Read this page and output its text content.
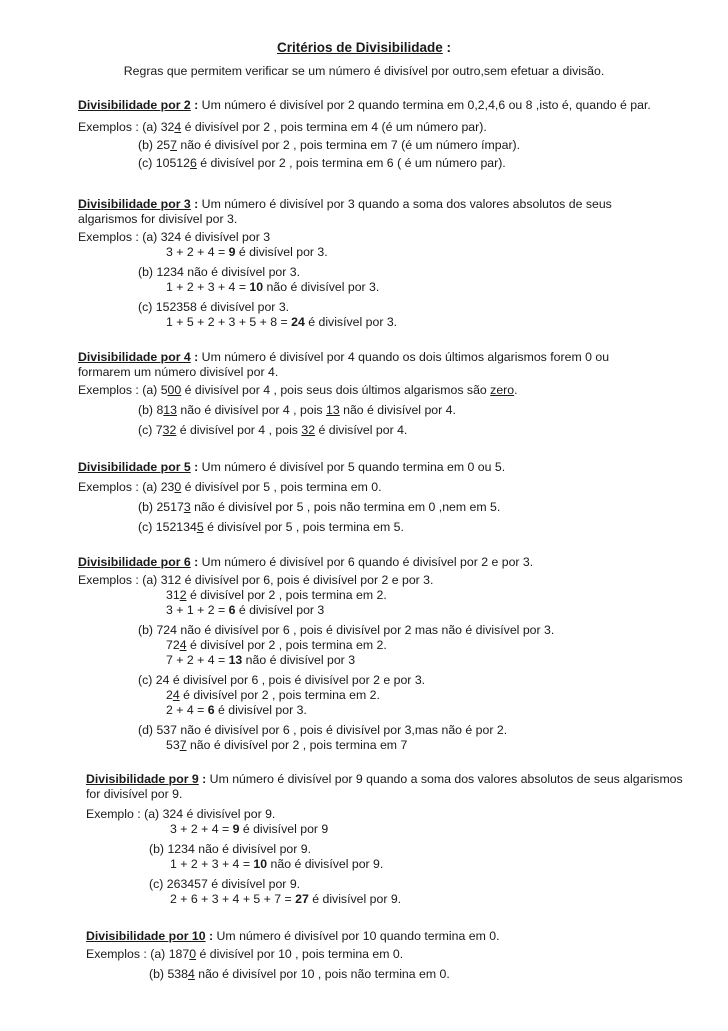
Critérios de Divisibilidade :
Regras que permitem verificar se um número é divisível por outro,sem efetuar a divisão.
Divisibilidade por 2 : Um número é divisível por 2 quando termina em 0,2,4,6 ou 8 ,isto é, quando é par.
Exemplos : (a) 324 é divisível por 2 , pois termina em 4 (é um número par).
(b) 257 não é divisível por 2 , pois termina em 7 (é um número ímpar).
(c) 105126 é divisível por 2 , pois termina em 6 ( é um número par).
Divisibilidade por 3 : Um número é divisível por 3 quando a soma dos valores absolutos de seus algarismos for divisível por 3.
Exemplos : (a) 324 é divisível por 3
3 + 2 + 4 = 9 é divisível por 3.
(b) 1234 não é divisível por 3.
1 + 2 + 3 + 4 = 10 não é divisível por 3.
(c) 152358 é divisível por 3.
1 + 5 + 2 + 3 + 5 + 8 = 24 é divisível por 3.
Divisibilidade por 4 : Um número é divisível por 4 quando os dois últimos algarismos forem 0 ou formarem um número divisível por 4.
Exemplos : (a) 500 é divisível por 4 , pois seus dois últimos algarismos são zero.
(b) 813 não é divisível por 4 , pois 13 não é divisível por 4.
(c) 732 é divisível por 4 , pois 32 é divisível por 4.
Divisibilidade por 5 : Um número é divisível por 5 quando termina em 0 ou 5.
Exemplos : (a) 230 é divisível por 5 , pois termina em 0.
(b) 25173 não é divisível por 5 , pois não termina em 0 ,nem em 5.
(c) 1521345 é divisível por 5 , pois termina em 5.
Divisibilidade por 6 : Um número é divisível por 6 quando é divisível por 2 e por 3.
Exemplos : (a) 312 é divisível por 6, pois é divisível por 2 e por 3.
312 é divisível por 2 , pois termina em 2.
3 + 1 + 2 = 6 é divisível por 3
(b) 724 não é divisível por 6 , pois é divisível por 2 mas não é divisível por 3.
724 é divisível por 2 , pois termina em 2.
7 + 2 + 4 = 13 não é divisível por 3
(c) 24 é divisível por 6 , pois é divisível por 2 e por 3.
24 é divisível por 2 , pois termina em 2.
2 + 4 = 6 é divisível por 3.
(d) 537 não é divisível por 6 , pois é divisível por 3,mas não é por 2.
537 não é divisível por 2 , pois termina em 7
Divisibilidade por 9 : Um número é divisível por 9 quando a soma dos valores absolutos de seus algarismos for divisível por 9.
Exemplo : (a) 324 é divisível por 9.
3 + 2 + 4 = 9 é divisível por 9
(b) 1234 não é divisível por 9.
1 + 2 + 3 + 4 = 10 não é divisível por 9.
(c) 263457 é divisível por 9.
2 + 6 + 3 + 4 + 5 + 7 = 27 é divisível por 9.
Divisibilidade por 10 : Um número é divisível por 10 quando termina em 0.
Exemplos : (a) 1870 é divisível por 10 , pois termina em 0.
(b) 5384 não é divisível por 10 , pois não termina em 0.
